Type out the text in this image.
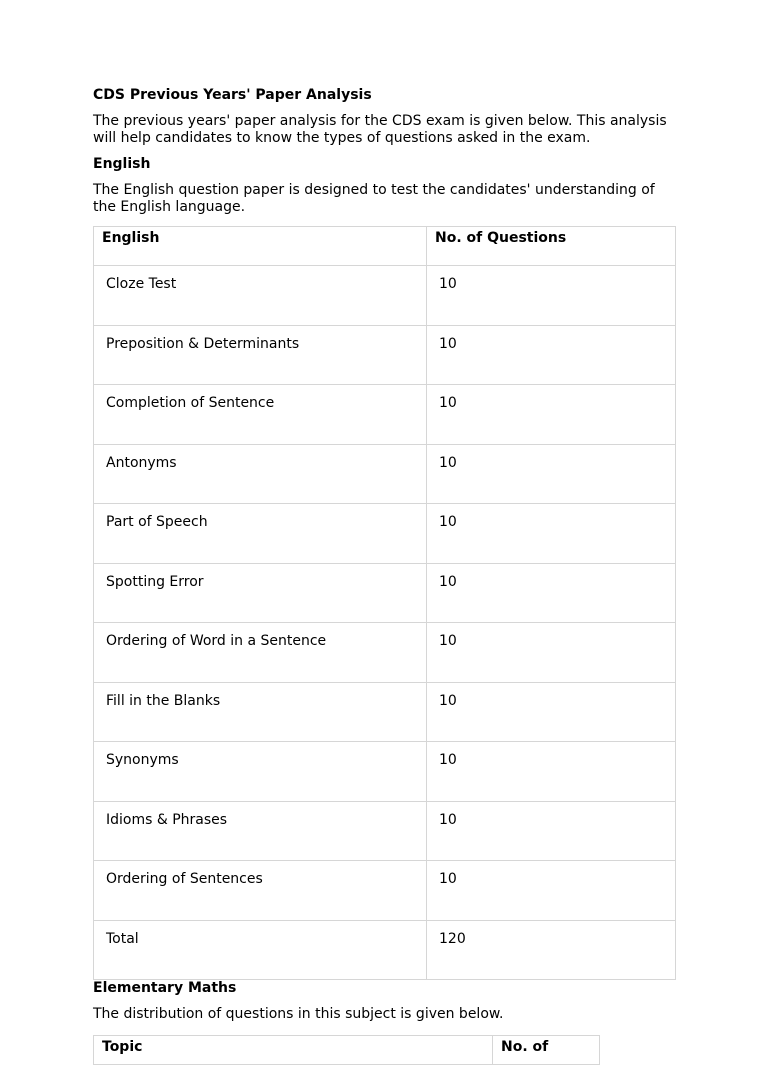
CDS Previous Years' Paper Analysis

The previous years' paper analysis for the CDS exam is given below. This analysis will help candidates to know the types of questions asked in the exam.

English

The English question paper is designed to test the candidates' understanding of the English language.

English	No. of Questions
Cloze Test	10
Preposition & Determinants	10
Completion of Sentence	10
Antonyms	10
Part of Speech	10
Spotting Error	10
Ordering of Word in a Sentence	10
Fill in the Blanks	10
Synonyms	10
Idioms & Phrases	10
Ordering of Sentences	10
Total	120
Elementary Maths

The distribution of questions in this subject is given below.

Topic	No. of
